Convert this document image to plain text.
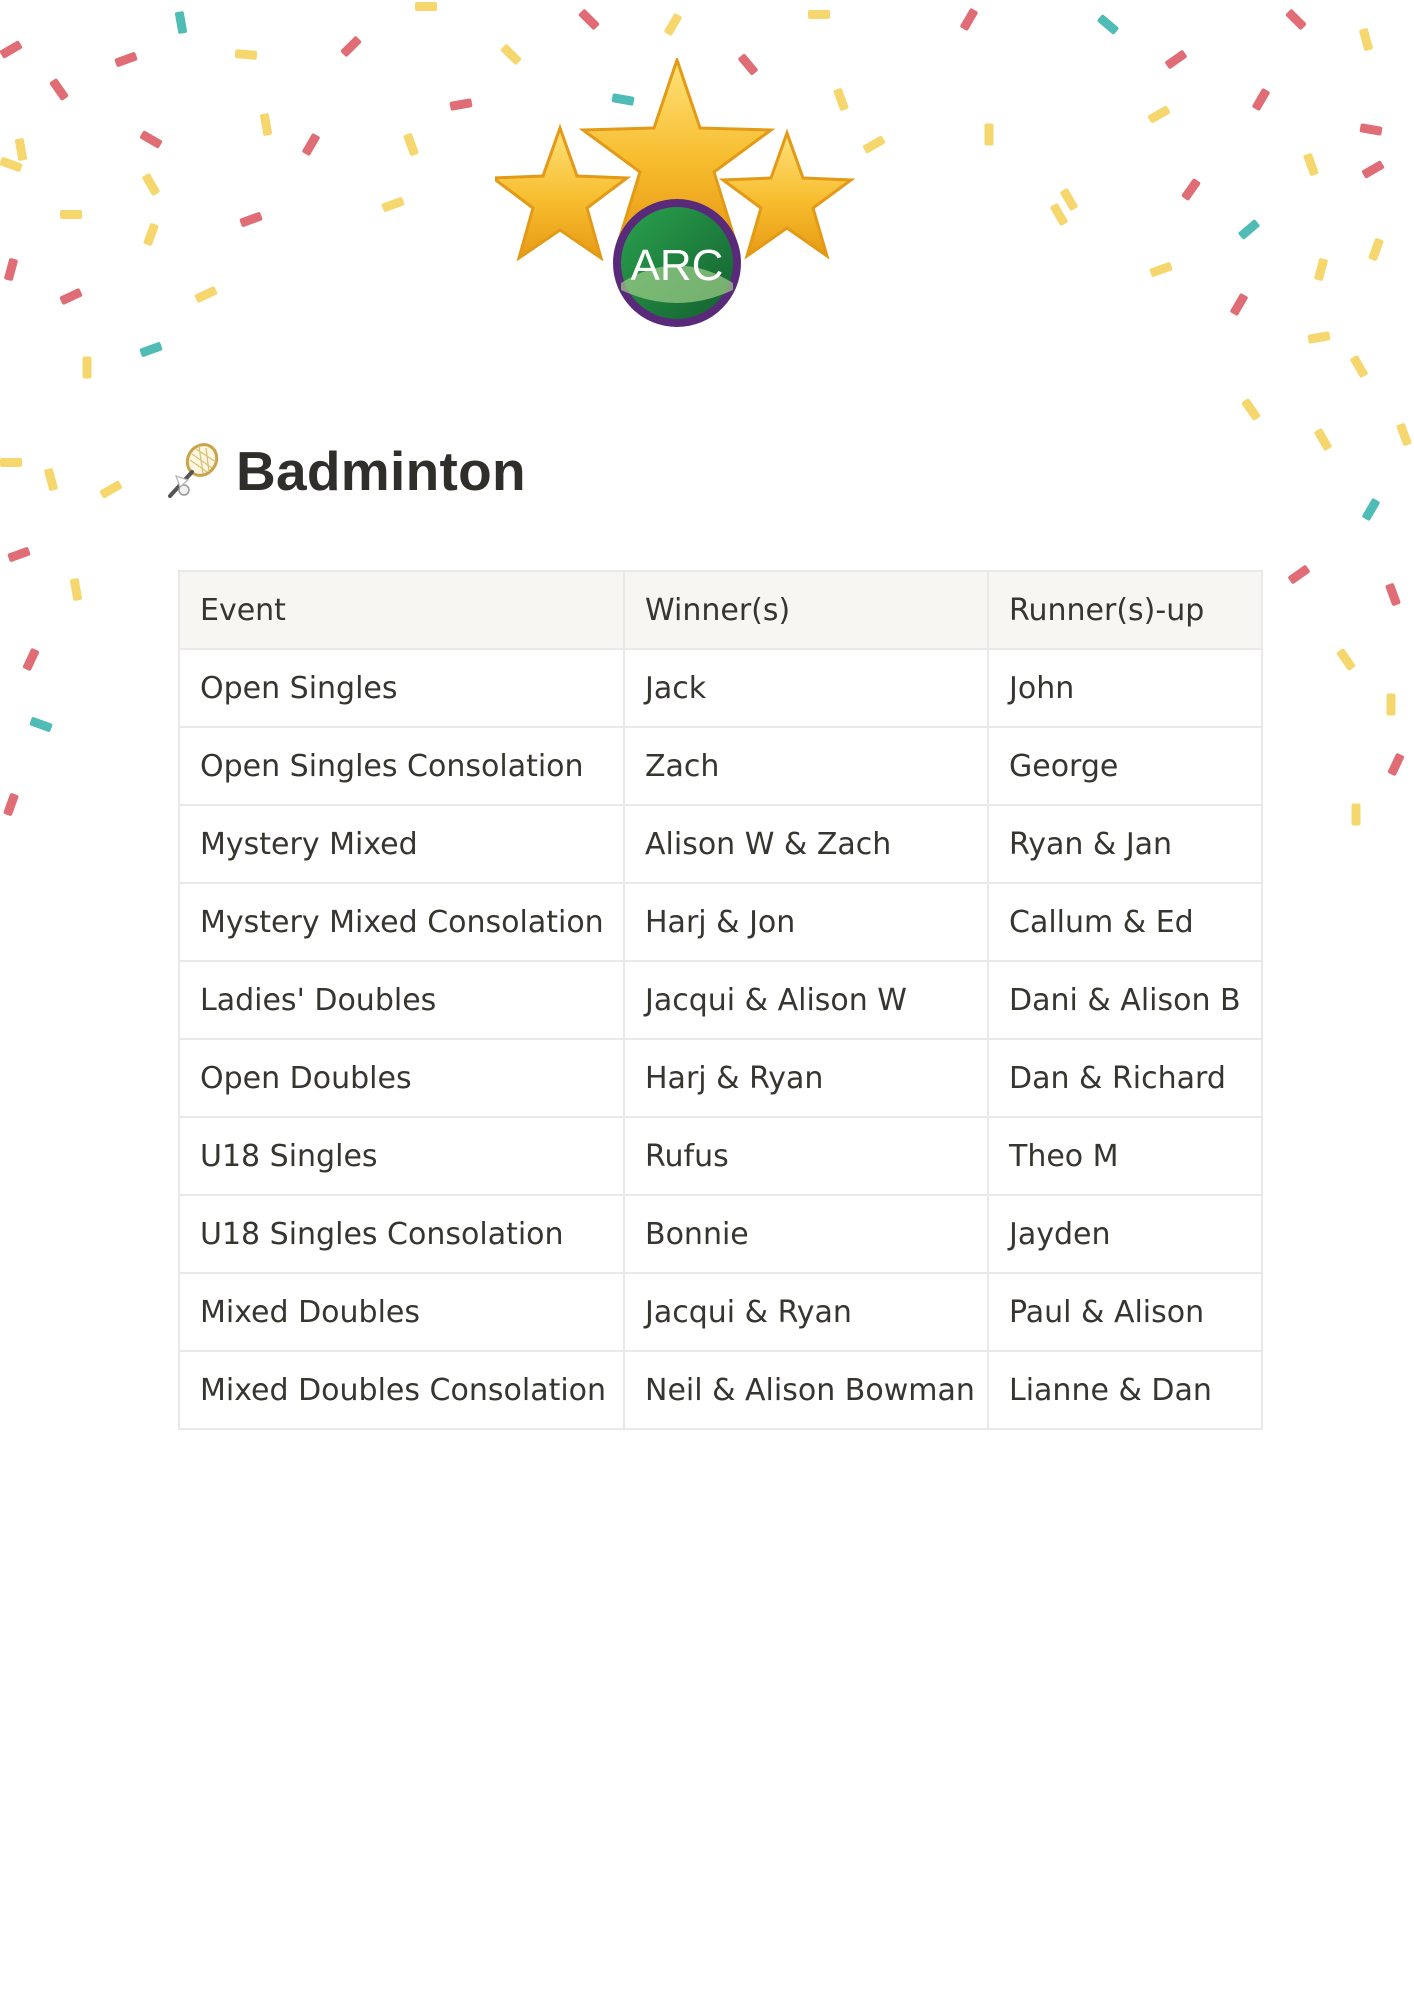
ARC
Badminton
Event	Winner(s)	Runner(s)-up
Open Singles	Jack	John
Open Singles Consolation	Zach	George
Mystery Mixed	Alison W & Zach	Ryan & Jan
Mystery Mixed Consolation	Harj & Jon	Callum & Ed
Ladies' Doubles	Jacqui & Alison W	Dani & Alison B
Open Doubles	Harj & Ryan	Dan & Richard
U18 Singles	Rufus	Theo M
U18 Singles Consolation	Bonnie	Jayden
Mixed Doubles	Jacqui & Ryan	Paul & Alison
Mixed Doubles Consolation	Neil & Alison Bowman	Lianne & Dan
